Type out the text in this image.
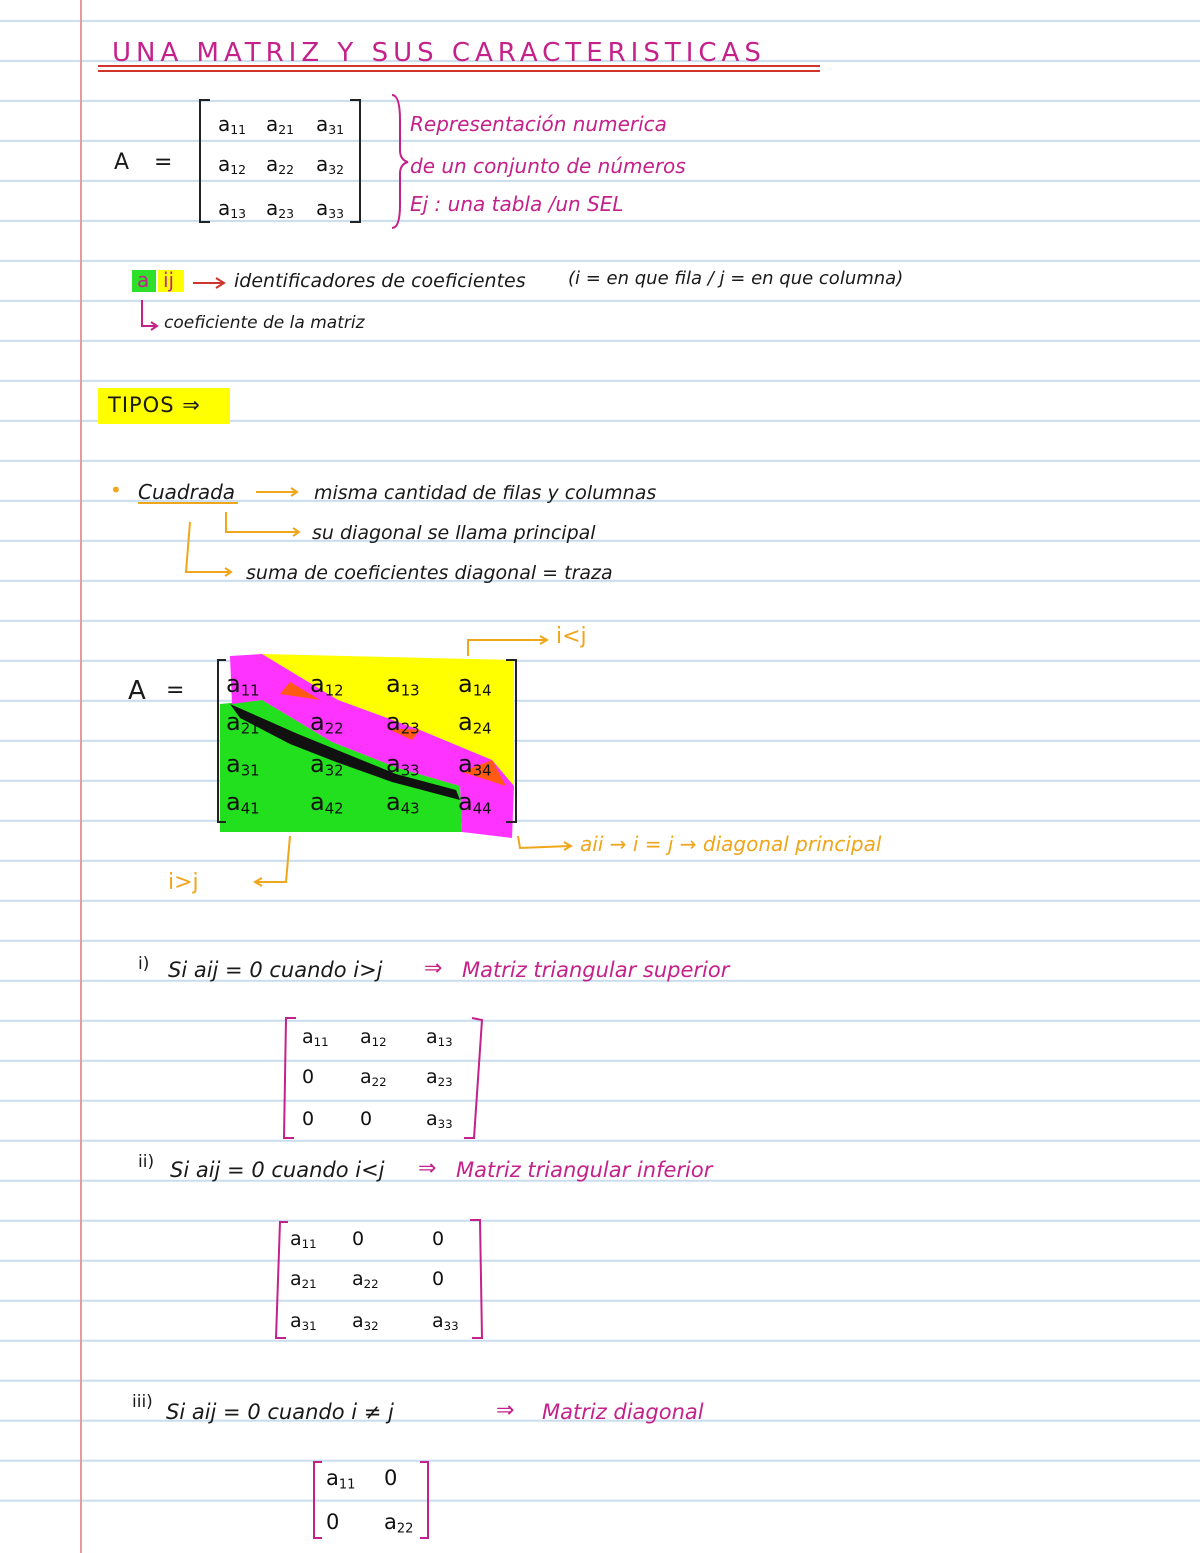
UNA MATRIZ Y SUS CARACTERISTICAS
A =
$a_{11}$ $a_{21}$ $a_{31}$
$a_{12}$ $a_{22}$ $a_{32}$
$a_{13}$ $a_{23}$ $a_{33}$
Representación numerica
de un conjunto de números
Ej : una tabla /un SEL
a ij	identificadores de coeficientes (i = en que fila / j = en que columna)
coeficiente de la matriz
TIPOS ⇒
• Cuadrada	misma cantidad de filas y columnas
su diagonal se llama principal
suma de coeficientes diagonal = traza
$A = a_{11}$ $a_{12}$ $a_{13}$ $a_{14}$
$a_{21}$ $a_{22}$ $a_{23}$ $a_{24}$
$a_{31}$ $a_{32}$ $a_{33}$ $a_{34}$
$a_{41}$ $a_{42}$ $a_{43}$ $a_{44}$
i<j
aii → i = j → diagonal principal
i>j
i) Si aij = 0 cuando i>j ⇒ Matriz triangular superior
$a_{11}$ $a_{12}$ $a_{13}$
0 $a_{22}$ $a_{23}$
0 0	$a_{33}$
ii) Si aij = 0 cuando i<j ⇒ Matriz triangular inferior
$a_{11}$ 0	0
$a_{21}$ $a_{22}$	0
$a_{31}$ $a_{32}$	$a_{33}$
iii) Si aij = 0 cuando i ≠ j	⇒ Matriz diagonal
$a_{11}$ 0
0 $a_{22}$
